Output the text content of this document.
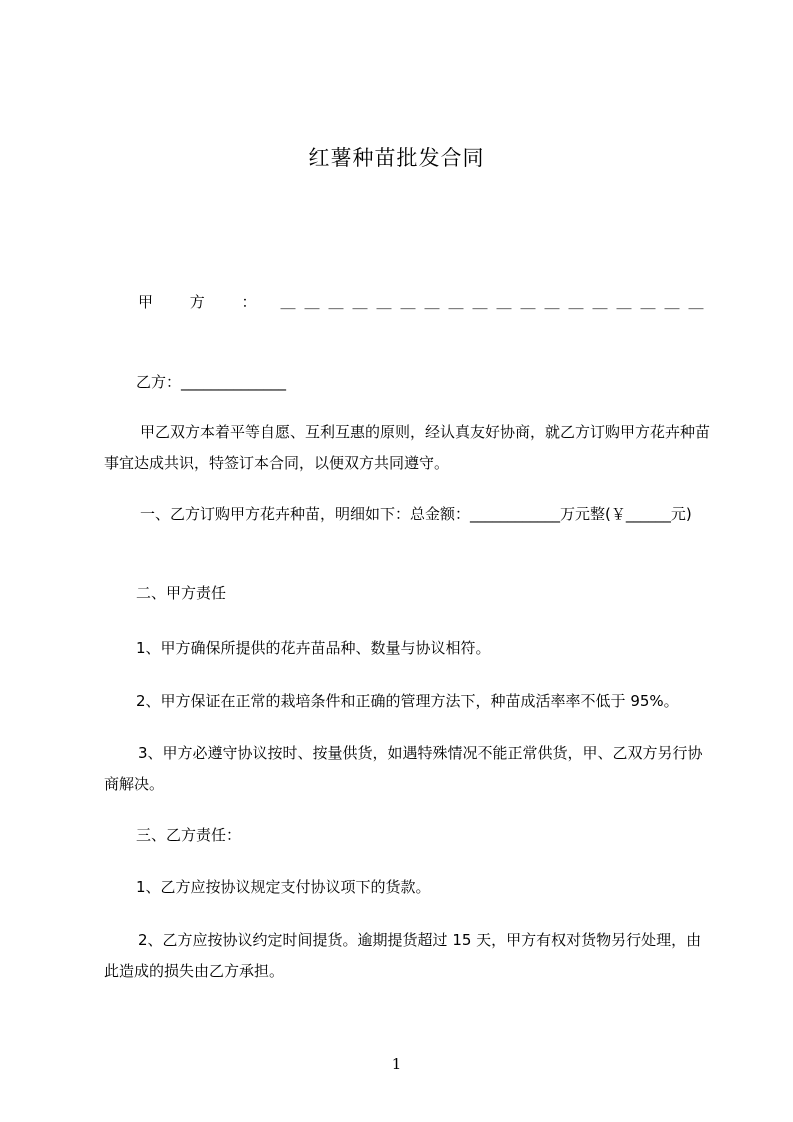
红薯种苗批发合同
甲 方 ： ＿＿＿＿＿＿＿＿＿＿＿＿＿＿＿＿＿＿
乙方：______________
甲乙双方本着平等自愿、互利互惠的原则，经认真友好协商，就乙方订购甲方花卉种苗事宜达成共识，特签订本合同，以便双方共同遵守。
一、乙方订购甲方花卉种苗，明细如下：总金额：____________万元整(￥______元)
二、甲方责任
1、甲方确保所提供的花卉苗品种、数量与协议相符。
2、甲方保证在正常的栽培条件和正确的管理方法下，种苗成活率率不低于 95%。
3、甲方必遵守协议按时、按量供货，如遇特殊情况不能正常供货，甲、乙双方另行协商解决。
三、乙方责任：
1、乙方应按协议规定支付协议项下的货款。
2、乙方应按协议约定时间提货。逾期提货超过 15 天，甲方有权对货物另行处理，由此造成的损失由乙方承担。
1
